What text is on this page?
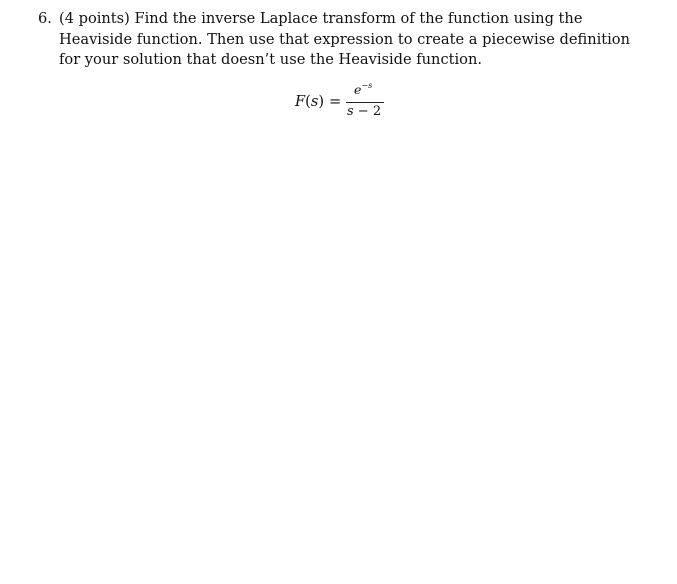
6. (4 points) Find the inverse Laplace transform of the function using the Heaviside function. Then use that expression to create a piecewise definition for your solution that doesn’t use the Heaviside function.
F(s) =
$e^{-s}$
s − 2
